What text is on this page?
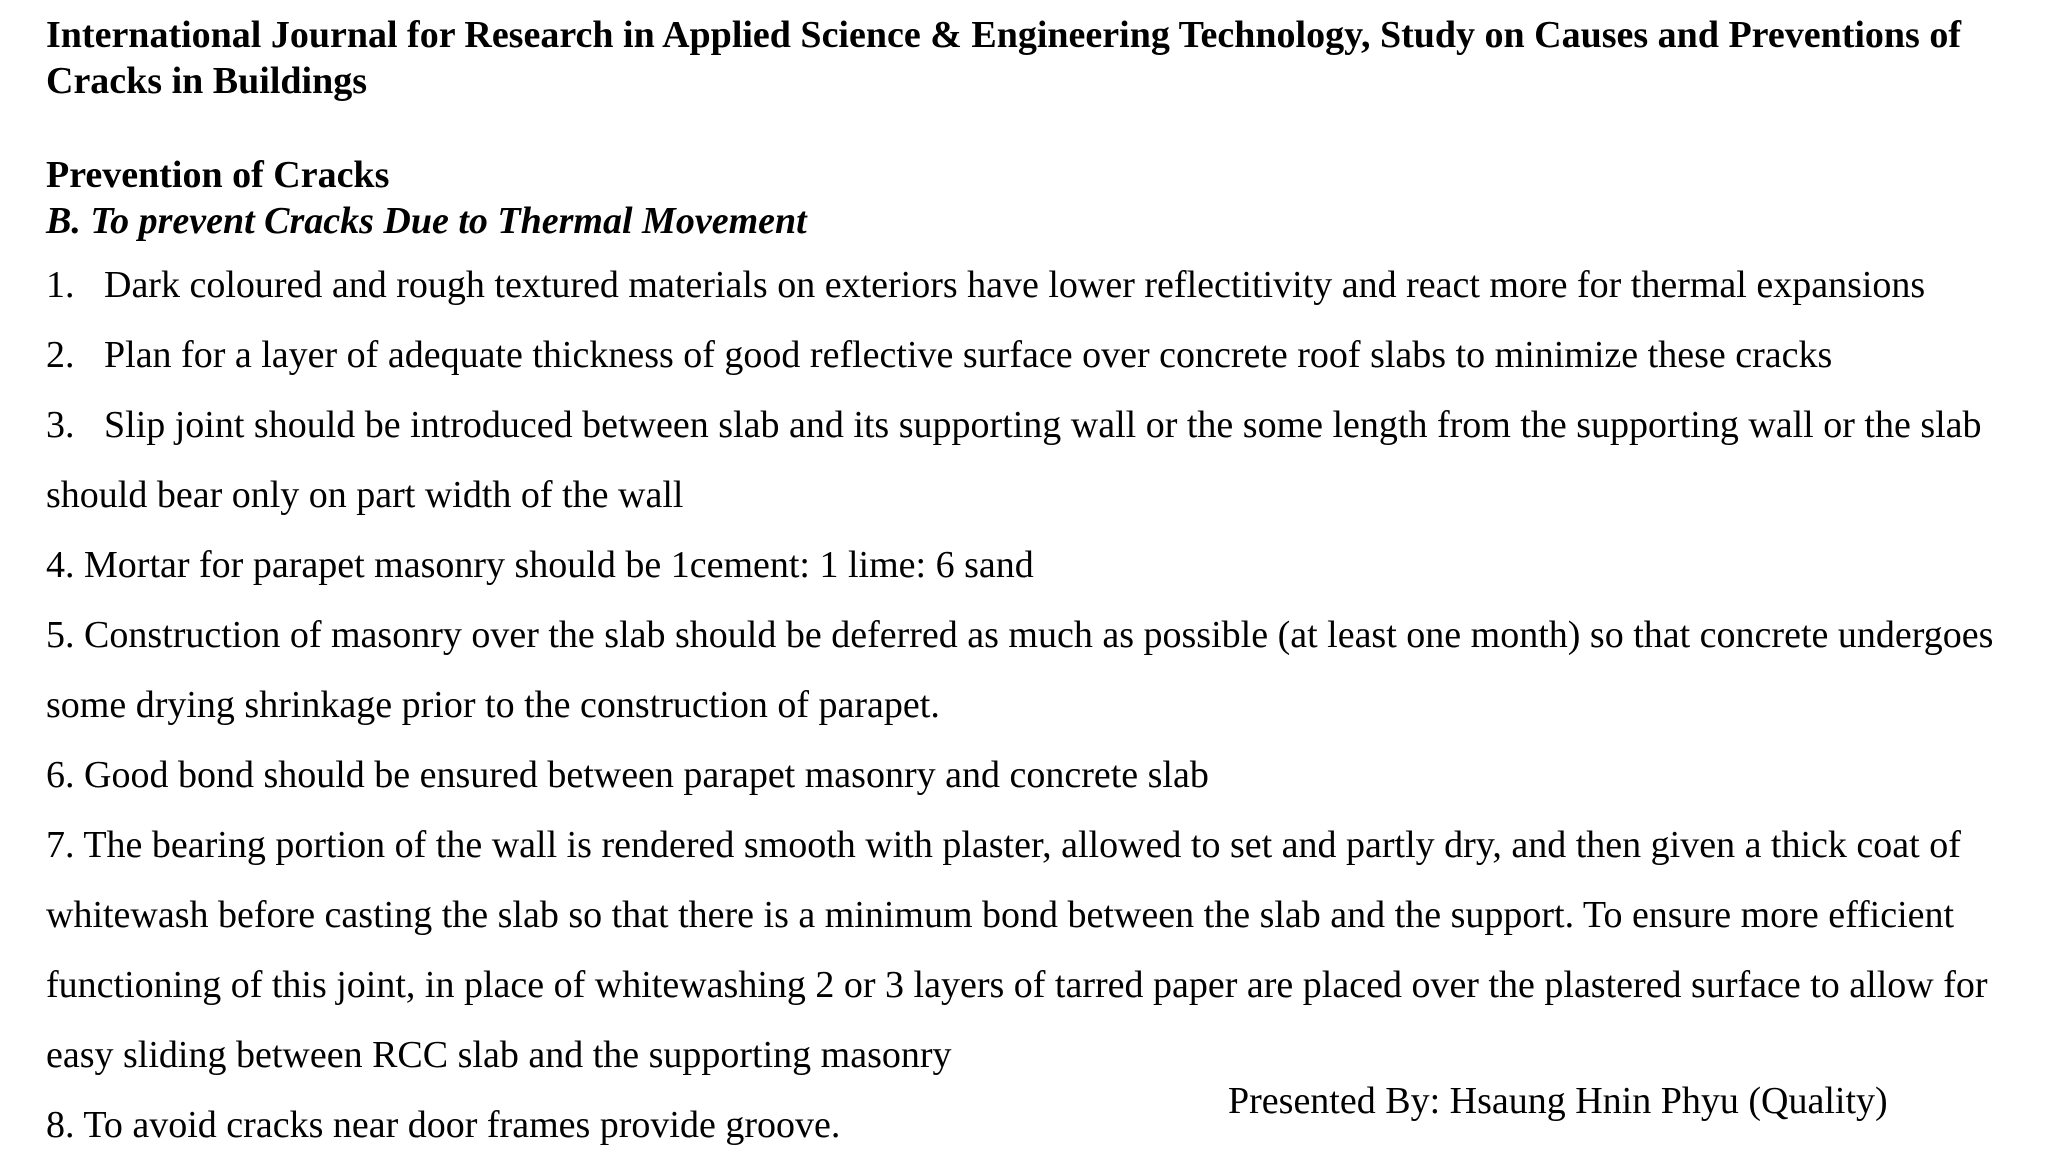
International Journal for Research in Applied Science & Engineering Technology, Study on Causes and Preventions of Cracks in Buildings
Prevention of Cracks
B. To prevent Cracks Due to Thermal Movement

1. Dark coloured and rough textured materials on exteriors have lower reflectitivity and react more for thermal expansions

2. Plan for a layer of adequate thickness of good reflective surface over concrete roof slabs to minimize these cracks

3. Slip joint should be introduced between slab and its supporting wall or the some length from the supporting wall or the slab

should bear only on part width of the wall

4. Mortar for parapet masonry should be 1cement: 1 lime: 6 sand

5. Construction of masonry over the slab should be deferred as much as possible (at least one month) so that concrete undergoes

some drying shrinkage prior to the construction of parapet.

6. Good bond should be ensured between parapet masonry and concrete slab

7. The bearing portion of the wall is rendered smooth with plaster, allowed to set and partly dry, and then given a thick coat of whitewash before casting the slab so that there is a minimum bond between the slab and the support. To ensure more efficient functioning of this joint, in place of whitewashing 2 or 3 layers of tarred paper are placed over the plastered surface to allow for easy sliding between RCC slab and the supporting masonry

8. To avoid cracks near door frames provide groove.

Presented By: Hsaung Hnin Phyu (Quality)
